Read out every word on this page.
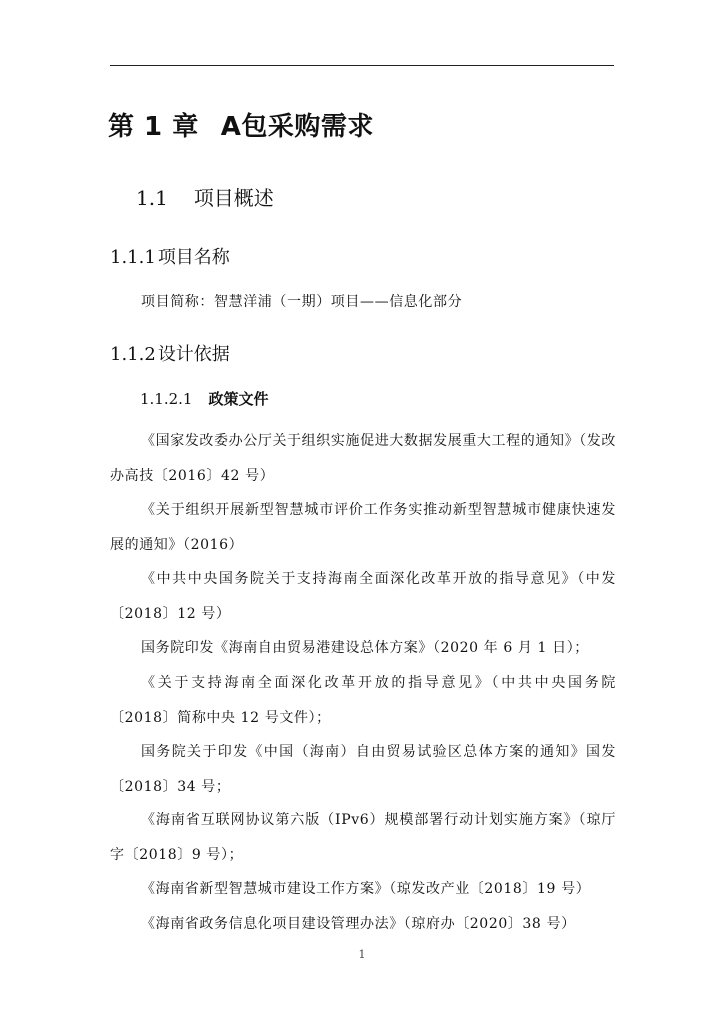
第 1 章 A包采购需求
1.1 项目概述
1.1.1 项目名称
项目简称：智慧洋浦（一期）项目——信息化部分
1.1.2 设计依据
1.1.2.1 政策文件
《国家发改委办公厅关于组织实施促进大数据发展重大工程的通知》（发改办高技〔2016〕42 号）
《关于组织开展新型智慧城市评价工作务实推动新型智慧城市健康快速发展的通知》（2016）
《中共中央国务院关于支持海南全面深化改革开放的指导意见》（中发〔2018〕12 号）
国务院印发《海南自由贸易港建设总体方案》（2020 年 6 月 1 日）；
《关于支持海南全面深化改革开放的指导意见》（中共中央国务院〔2018〕简称中央 12 号文件）；
国务院关于印发《中国（海南）自由贸易试验区总体方案的通知》国发〔2018〕34 号；
《海南省互联网协议第六版（IPv6）规模部署行动计划实施方案》（琼厅字〔2018〕9 号）；
《海南省新型智慧城市建设工作方案》（琼发改产业〔2018〕19 号）
《海南省政务信息化项目建设管理办法》（琼府办〔2020〕38 号）
1
